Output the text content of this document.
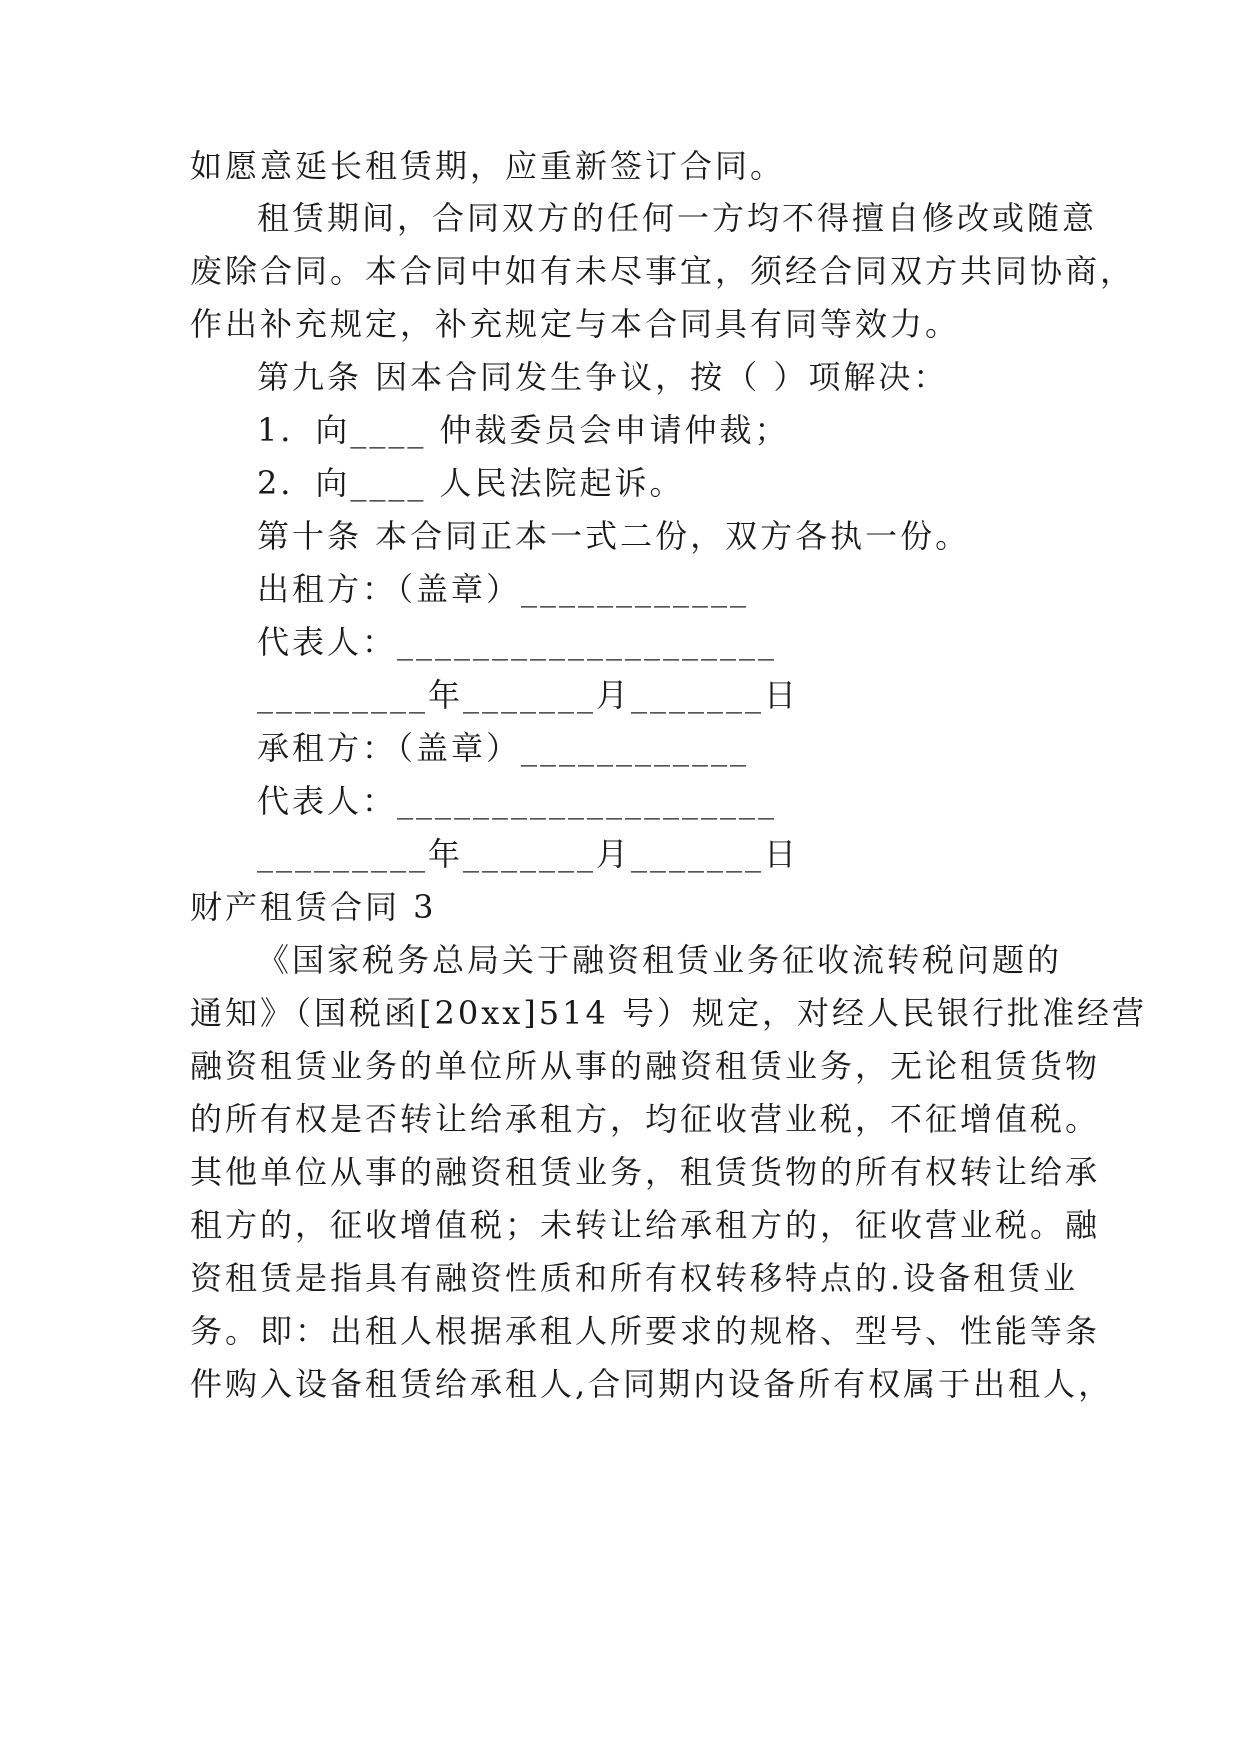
如愿意延长租赁期，应重新签订合同。
租赁期间，合同双方的任何一方均不得擅自修改或随意
废除合同。本合同中如有未尽事宜，须经合同双方共同协商，
作出补充规定，补充规定与本合同具有同等效力。
第九条 因本合同发生争议，按（ ）项解决：
1．向____ 仲裁委员会申请仲裁；
2．向____ 人民法院起诉。
第十条 本合同正本一式二份，双方各执一份。
出租方：（盖章）____________
代表人：____________________
_________年_______月_______日
承租方：（盖章）____________
代表人：____________________
_________年_______月_______日
财产租赁合同 3
《国家税务总局关于融资租赁业务征收流转税问题的
通知》（国税函[20xx]514 号）规定，对经人民银行批准经营
融资租赁业务的单位所从事的融资租赁业务，无论租赁货物
的所有权是否转让给承租方，均征收营业税，不征增值税。
其他单位从事的融资租赁业务，租赁货物的所有权转让给承
租方的，征收增值税；未转让给承租方的，征收营业税。融
资租赁是指具有融资性质和所有权转移特点的.设备租赁业
务。即：出租人根据承租人所要求的规格、型号、性能等条
件购入设备租赁给承租人,合同期内设备所有权属于出租人，
